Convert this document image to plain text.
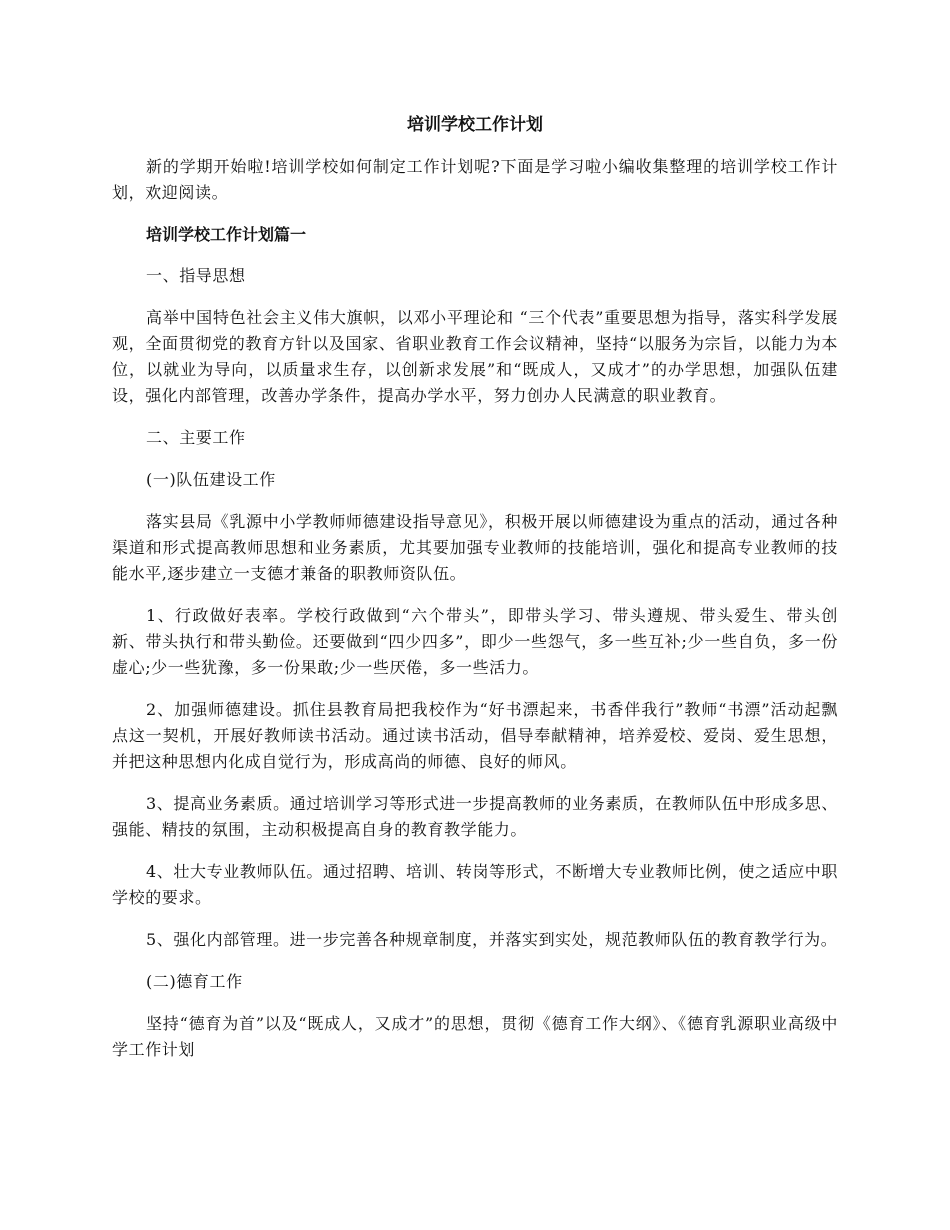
培训学校工作计划
新的学期开始啦!培训学校如何制定工作计划呢?下面是学习啦小编收集整理的培训学校工作计划，欢迎阅读。
培训学校工作计划篇一
一、指导思想
高举中国特色社会主义伟大旗帜，以邓小平理论和 “三个代表”重要思想为指导，落实科学发展观，全面贯彻党的教育方针以及国家、省职业教育工作会议精神，坚持“以服务为宗旨，以能力为本位，以就业为导向，以质量求生存，以创新求发展”和“既成人，又成才”的办学思想，加强队伍建设，强化内部管理，改善办学条件，提高办学水平，努力创办人民满意的职业教育。
二、主要工作
(一)队伍建设工作
落实县局《乳源中小学教师师德建设指导意见》，积极开展以师德建设为重点的活动，通过各种渠道和形式提高教师思想和业务素质，尤其要加强专业教师的技能培训，强化和提高专业教师的技能水平,逐步建立一支德才兼备的职教师资队伍。
1、行政做好表率。学校行政做到“六个带头”，即带头学习、带头遵规、带头爱生、带头创新、带头执行和带头勤俭。还要做到“四少四多”，即少一些怨气，多一些互补;少一些自负，多一份虚心;少一些犹豫，多一份果敢;少一些厌倦，多一些活力。
2、加强师德建设。抓住县教育局把我校作为“好书漂起来，书香伴我行”教师“书漂”活动起飘点这一契机，开展好教师读书活动。通过读书活动，倡导奉献精神，培养爱校、爱岗、爱生思想，并把这种思想内化成自觉行为，形成高尚的师德、良好的师风。
3、提高业务素质。通过培训学习等形式进一步提高教师的业务素质，在教师队伍中形成多思、强能、精技的氛围，主动积极提高自身的教育教学能力。
4、壮大专业教师队伍。通过招聘、培训、转岗等形式，不断增大专业教师比例，使之适应中职学校的要求。
5、强化内部管理。进一步完善各种规章制度，并落实到实处，规范教师队伍的教育教学行为。
(二)德育工作
坚持“德育为首”以及“既成人，又成才”的思想，贯彻《德育工作大纲》、《德育乳源职业高级中学工作计划
